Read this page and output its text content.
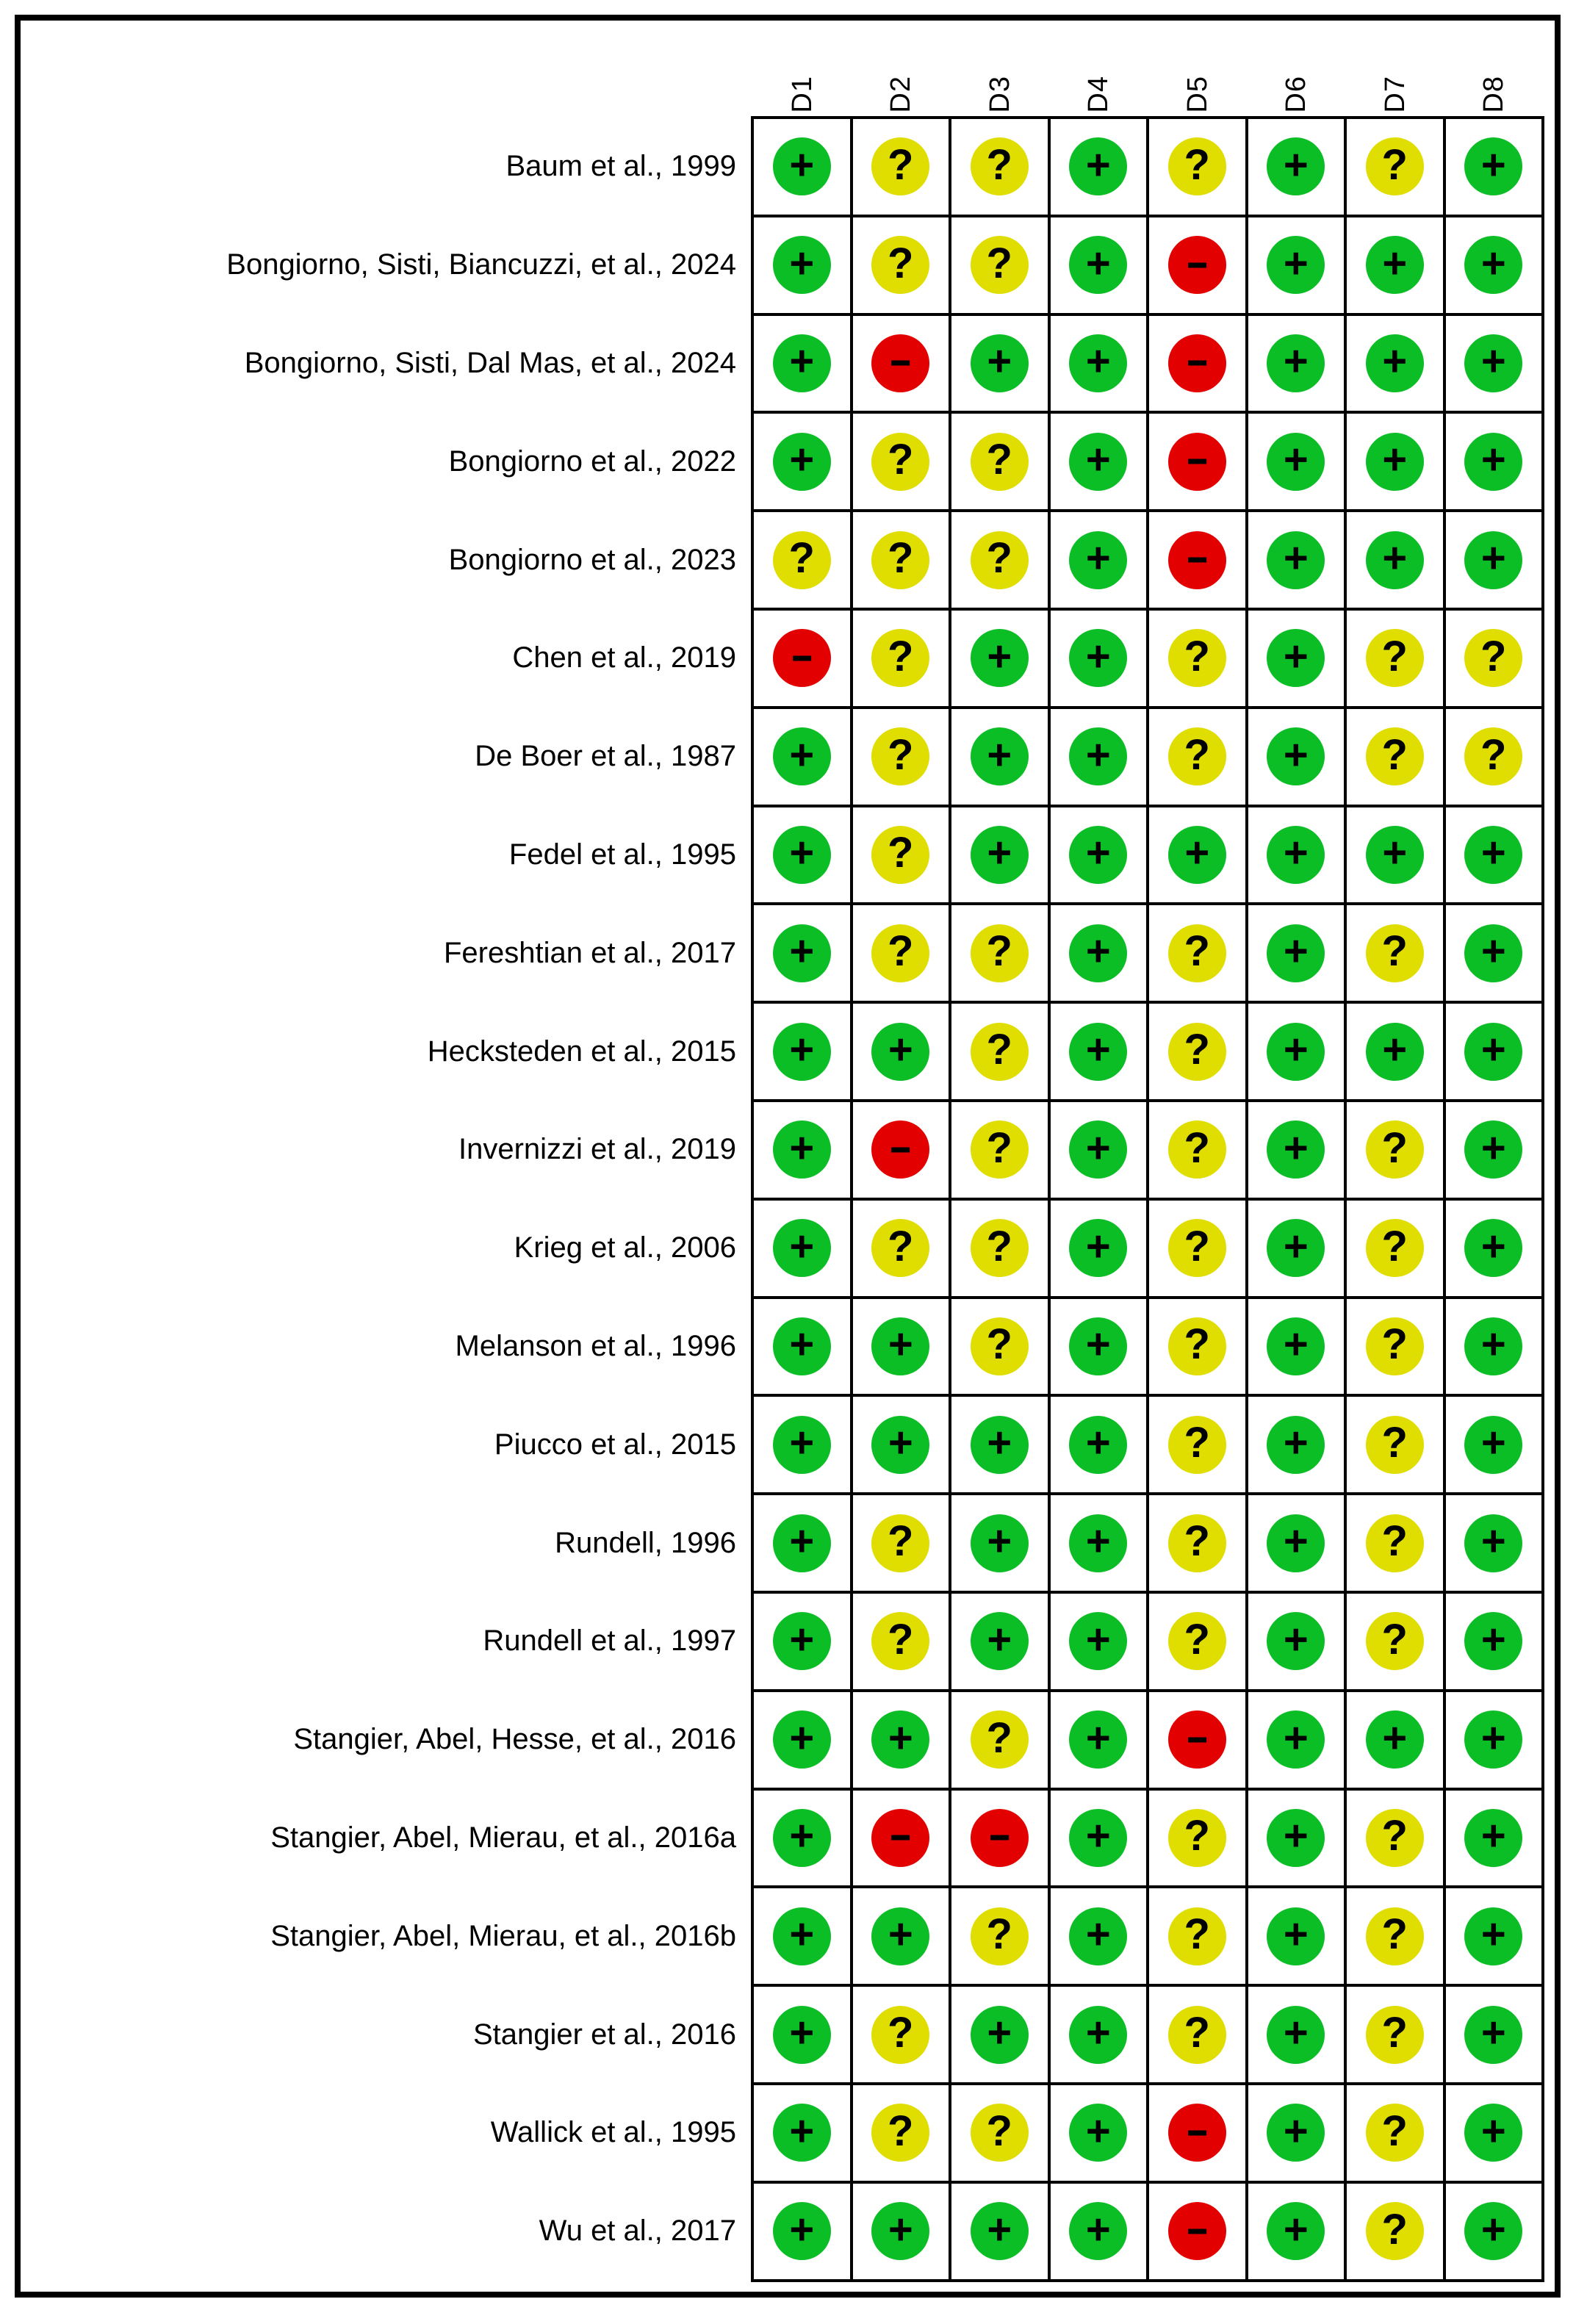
D1 D2 D3 D4 D5 D6 D7 D8
Baum et al., 1999
Bongiorno, Sisti, Biancuzzi, et al., 2024
Bongiorno, Sisti, Dal Mas, et al., 2024
Bongiorno et al., 2022
Bongiorno et al., 2023
Chen et al., 2019
De Boer et al., 1987
Fedel et al., 1995
Fereshtian et al., 2017
Hecksteden et al., 2015
Invernizzi et al., 2019
Krieg et al., 2006
Melanson et al., 1996
Piucco et al., 2015
Rundell, 1996
Rundell et al., 1997
Stangier, Abel, Hesse, et al., 2016
Stangier, Abel, Mierau, et al., 2016a
Stangier, Abel, Mierau, et al., 2016b
Stangier et al., 2016
Wallick et al., 1995
Wu et al., 2017
+ ? ? + ? + ? +
+ ? ? + - + + +
+ - + + - + + +
+ ? ? + - + + +
? ? ? + - + + +
- ? + + ? + ? ?
+ ? + + ? + ? ?
+ ? + + + + + +
+ ? ? + ? + ? +
+ + ? + ? + + +
+ - ? + ? + ? +
+ ? ? + ? + ? +
+ + ? + ? + ? +
+ + + + ? + ? +
+ ? + + ? + ? +
+ ? + + ? + ? +
+ + ? + - + + +
+ - - + ? + ? +
+ + ? + ? + ? +
+ ? + + ? + ? +
+ ? ? + - + ? +
+ + + + - + ? +
